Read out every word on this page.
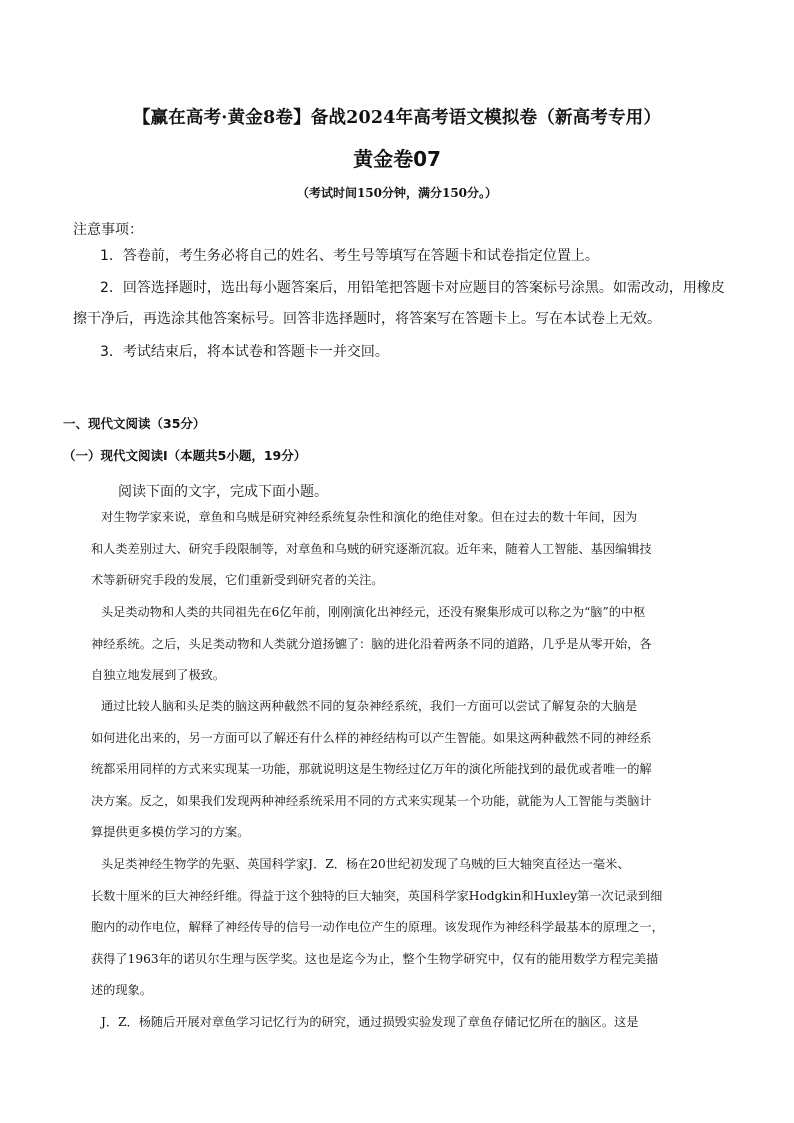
【赢在高考·黄金8卷】备战2024年高考语文模拟卷（新高考专用）
黄金卷07
（考试时间150分钟，满分150分。）
注意事项：

1．答卷前，考生务必将自己的姓名、考生号等填写在答题卡和试卷指定位置上。

2．回答选择题时，选出每小题答案后，用铅笔把答题卡对应题目的答案标号涂黑。如需改动，用橡皮
擦干净后，再选涂其他答案标号。回答非选择题时，将答案写在答题卡上。写在本试卷上无效。

3．考试结束后，将本试卷和答题卡一并交回。

一、现代文阅读（35分）
（一）现代文阅读Ⅰ（本题共5小题，19分）
阅读下面的文字，完成下面小题。

对生物学家来说，章鱼和乌贼是研究神经系统复杂性和演化的绝佳对象。但在过去的数十年间，因为
和人类差别过大、研究手段限制等，对章鱼和乌贼的研究逐渐沉寂。近年来，随着人工智能、基因编辑技
术等新研究手段的发展，它们重新受到研究者的关注。

头足类动物和人类的共同祖先在6亿年前，刚刚演化出神经元，还没有聚集形成可以称之为“脑”的中枢
神经系统。之后，头足类动物和人类就分道扬镳了：脑的进化沿着两条不同的道路，几乎是从零开始，各
自独立地发展到了极致。

通过比较人脑和头足类的脑这两种截然不同的复杂神经系统，我们一方面可以尝试了解复杂的大脑是
如何进化出来的，另一方面可以了解还有什么样的神经结构可以产生智能。如果这两种截然不同的神经系
统都采用同样的方式来实现某一功能，那就说明这是生物经过亿万年的演化所能找到的最优或者唯一的解
决方案。反之，如果我们发现两种神经系统采用不同的方式来实现某一个功能，就能为人工智能与类脑计
算提供更多模仿学习的方案。

头足类神经生物学的先驱、英国科学家J．Z．杨在20世纪初发现了乌贼的巨大轴突直径达一毫米、
长数十厘米的巨大神经纤维。得益于这个独特的巨大轴突，英国科学家Hodgkin和Huxley第一次记录到细
胞内的动作电位，解释了神经传导的信号一动作电位产生的原理。该发现作为神经科学最基本的原理之一，
获得了1963年的诺贝尔生理与医学奖。这也是迄今为止，整个生物学研究中，仅有的能用数学方程完美描
述的现象。

J．Z．杨随后开展对章鱼学习记忆行为的研究，通过损毁实验发现了章鱼存储记忆所在的脑区。这是
